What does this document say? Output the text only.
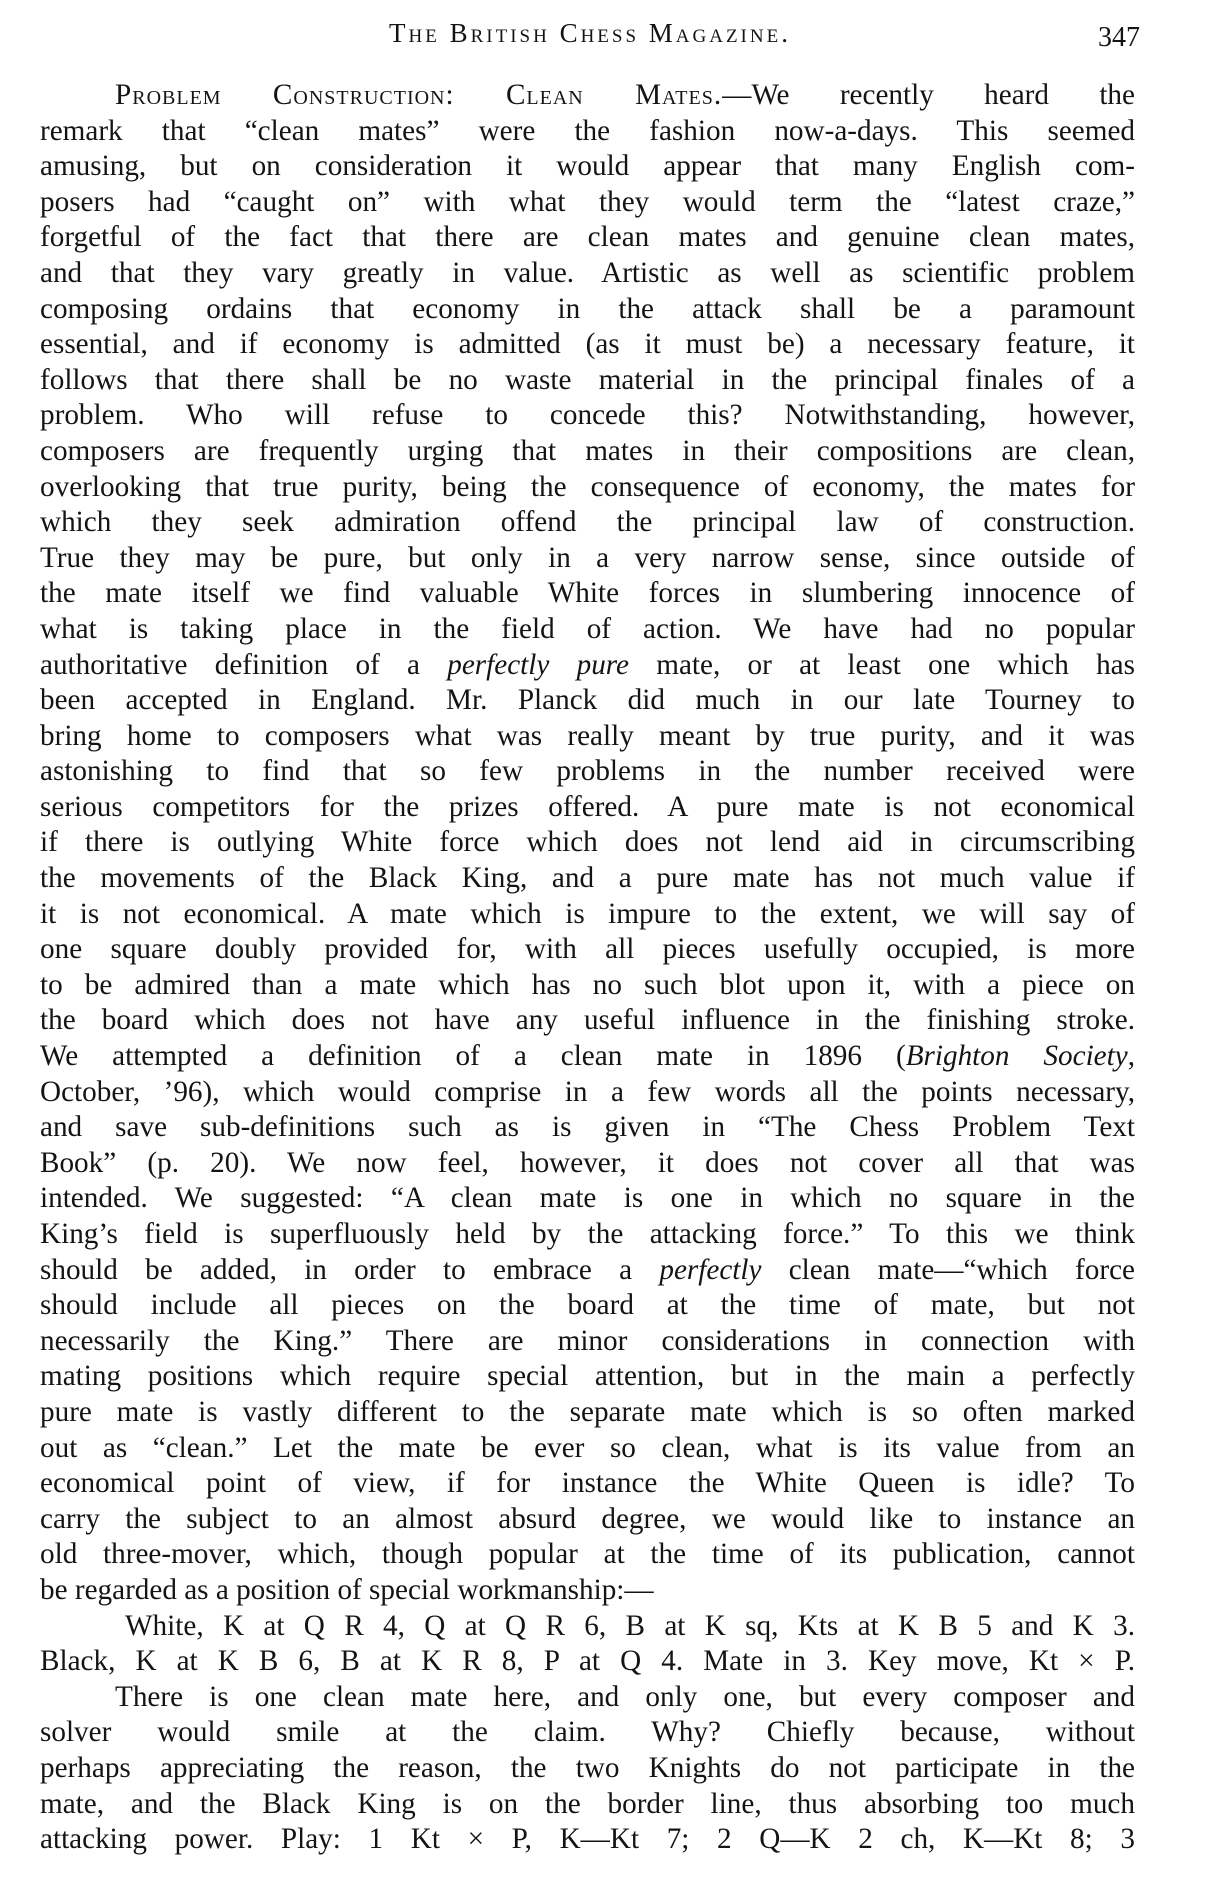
The British Chess Magazine.	347
Problem Construction: Clean Mates.—We recently heard the
remark that “clean mates” were the fashion now-a-days. This seemed
amusing, but on consideration it would appear that many English com-
posers had “caught on” with what they would term the “latest craze,”
forgetful of the fact that there are clean mates and genuine clean mates,
and that they vary greatly in value. Artistic as well as scientific problem
composing ordains that economy in the attack shall be a paramount
essential, and if economy is admitted (as it must be) a necessary feature, it
follows that there shall be no waste material in the principal finales of a
problem. Who will refuse to concede this? Notwithstanding, however,
composers are frequently urging that mates in their compositions are clean,
overlooking that true purity, being the consequence of economy, the mates for
which they seek admiration offend the principal law of construction.
True they may be pure, but only in a very narrow sense, since outside of
the mate itself we find valuable White forces in slumbering innocence of
what is taking place in the field of action. We have had no popular
authoritative definition of a perfectly pure mate, or at least one which has
been accepted in England. Mr. Planck did much in our late Tourney to
bring home to composers what was really meant by true purity, and it was
astonishing to find that so few problems in the number received were
serious competitors for the prizes offered. A pure mate is not economical
if there is outlying White force which does not lend aid in circumscribing
the movements of the Black King, and a pure mate has not much value if
it is not economical. A mate which is impure to the extent, we will say of
one square doubly provided for, with all pieces usefully occupied, is more
to be admired than a mate which has no such blot upon it, with a piece on
the board which does not have any useful influence in the finishing stroke.
We attempted a definition of a clean mate in 1896 (Brighton Society,
October, ’96), which would comprise in a few words all the points necessary,
and save sub-definitions such as is given in “The Chess Problem Text
Book” (p. 20). We now feel, however, it does not cover all that was
intended. We suggested: “A clean mate is one in which no square in the
King’s field is superfluously held by the attacking force.” To this we think
should be added, in order to embrace a perfectly clean mate—“which force
should include all pieces on the board at the time of mate, but not
necessarily the King.” There are minor considerations in connection with
mating positions which require special attention, but in the main a perfectly
pure mate is vastly different to the separate mate which is so often marked
out as “clean.” Let the mate be ever so clean, what is its value from an
economical point of view, if for instance the White Queen is idle? To
carry the subject to an almost absurd degree, we would like to instance an
old three-mover, which, though popular at the time of its publication, cannot
be regarded as a position of special workmanship:—
White, K at Q R 4, Q at Q R 6, B at K sq, Kts at K B 5 and K 3.
Black, K at K B 6, B at K R 8, P at Q 4. Mate in 3. Key move, Kt × P.
There is one clean mate here, and only one, but every composer and
solver would smile at the claim. Why? Chiefly because, without
perhaps appreciating the reason, the two Knights do not participate in the
mate, and the Black King is on the border line, thus absorbing too much
attacking power. Play: 1 Kt × P, K—Kt 7; 2 Q—K 2 ch, K—Kt 8; 3
